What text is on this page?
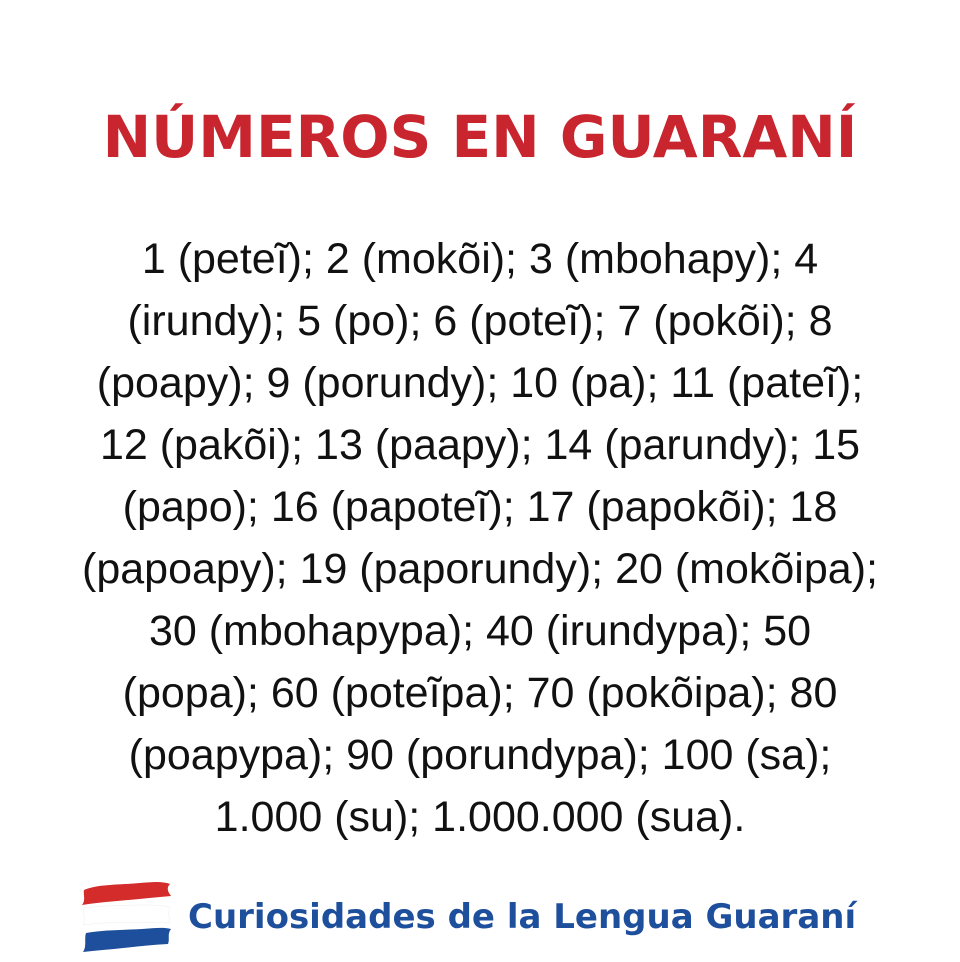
NÚMEROS EN GUARANÍ
1 (peteĩ); 2 (mokõi); 3 (mbohapy); 4
(irundy); 5 (po); 6 (poteĩ); 7 (pokõi); 8
(poapy); 9 (porundy); 10 (pa); 11 (pateĩ);
12 (pakõi); 13 (paapy); 14 (parundy); 15
(papo); 16 (papoteĩ); 17 (papokõi); 18
(papoapy); 19 (paporundy); 20 (mokõipa);
30 (mbohapypa); 40 (irundypa); 50
(popa); 60 (poteĩpa); 70 (pokõipa); 80
(poapypa); 90 (porundypa); 100 (sa);
1.000 (su); 1.000.000 (sua).
Curiosidades de la Lengua Guaraní
